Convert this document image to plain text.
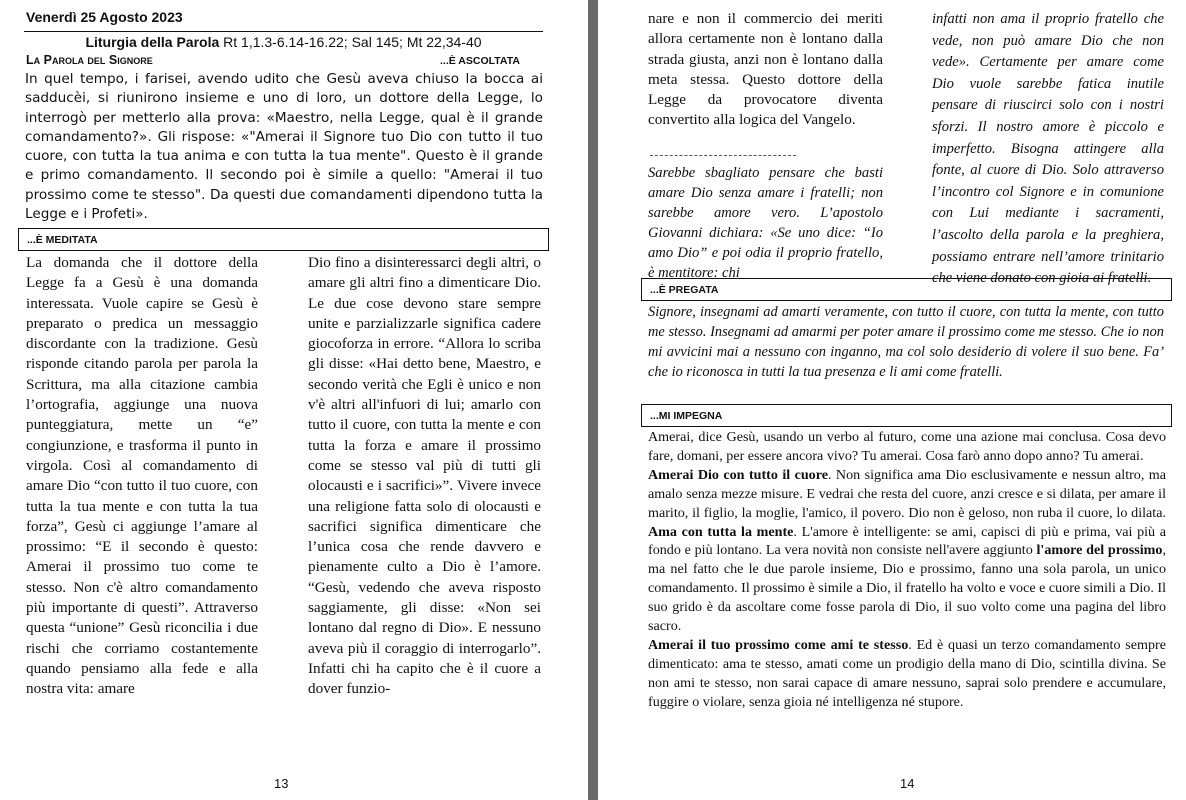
Venerdì 25 Agosto 2023
Liturgia della Parola Rt 1,1.3-6.14-16.22; Sal 145; Mt 22,34-40
La Parola del Signore	...È ASCOLTATA
In quel tempo, i farisei, avendo udito che Gesù aveva chiuso la bocca ai sadducèi, si riunirono insieme e uno di loro, un dottore della Legge, lo interrogò per metterlo alla prova: «Maestro, nella Legge, qual è il grande comandamento?». Gli rispose: «"Amerai il Signore tuo Dio con tutto il tuo cuore, con tutta la tua anima e con tutta la tua mente". Questo è il grande e primo comandamento. Il secondo poi è simile a quello: "Amerai il tuo prossimo come te stesso". Da questi due comandamenti dipendono tutta la Legge e i Profeti».
...È MEDITATA
La domanda che il dottore della Legge fa a Gesù è una domanda interessata. Vuole capire se Gesù è preparato o predica un messaggio discordante con la tradizione. Gesù risponde citando parola per parola la Scrittura, ma alla citazione cambia l’ortografia, aggiunge una nuova punteggiatura, mette un “e” congiunzione, e trasforma il punto in virgola. Così al comandamento di amare Dio “con tutto il tuo cuore, con tutta la tua mente e con tutta la tua forza”, Gesù ci aggiunge l’amare al prossimo: “E il secondo è questo: Amerai il prossimo tuo come te stesso. Non c'è altro comandamento più importante di questi”. Attraverso questa “unione” Gesù riconcilia i due rischi che corriamo costantemente quando pensiamo alla fede e alla nostra vita: amare
Dio fino a disinteressarci degli altri, o amare gli altri fino a dimenticare Dio. Le due cose devono stare sempre unite e parzializzarle significa cadere giocoforza in errore. “Allora lo scriba gli disse: «Hai detto bene, Maestro, e secondo verità che Egli è unico e non v'è altri all'infuori di lui; amarlo con tutto il cuore, con tutta la mente e con tutta la forza e amare il prossimo come se stesso val più di tutti gli olocausti e i sacrifici»”. Vivere invece una religione fatta solo di olocausti e sacrifici significa dimenticare che l’unica cosa che rende davvero e pienamente culto a Dio è l’amore. “Gesù, vedendo che aveva risposto saggiamente, gli disse: «Non sei lontano dal regno di Dio». E nessuno aveva più il coraggio di interrogarlo”. Infatti chi ha capito che è il cuore a dover funzio-
13
nare e non il commercio dei meriti allora certamente non è lontano dalla strada giusta, anzi non è lontano dalla meta stessa. Questo dottore della Legge da provocatore diventa convertito alla logica del Vangelo.
Sarebbe sbagliato pensare che basti amare Dio senza amare i fratelli; non sarebbe amore vero. L’apostolo Giovanni dichiara: «Se uno dice: “Io amo Dio” e poi odia il proprio fratello, è mentitore: chi
infatti non ama il proprio fratello che vede, non può amare Dio che non vede». Certamente per amare come Dio vuole sarebbe fatica inutile pensare di riuscirci solo con i nostri sforzi. Il nostro amore è piccolo e imperfetto. Bisogna attingere alla fonte, al cuore di Dio. Solo attraverso l’incontro col Signore e in comunione con Lui mediante i sacramenti, l’ascolto della parola e la preghiera, possiamo entrare nell’amore trinitario che viene donato con gioia ai fratelli.
...È PREGATA
Signore, insegnami ad amarti veramente, con tutto il cuore, con tutta la mente, con tutto me stesso. Insegnami ad amarmi per poter amare il prossimo come me stesso. Che io non mi avvicini mai a nessuno con inganno, ma col solo desiderio di volere il suo bene. Fa’ che io riconosca in tutti la tua presenza e li ami come fratelli.
...MI IMPEGNA
Amerai, dice Gesù, usando un verbo al futuro, come una azione mai conclusa. Cosa devo fare, domani, per essere ancora vivo? Tu amerai. Cosa farò anno dopo anno? Tu amerai.
Amerai Dio con tutto il cuore. Non significa ama Dio esclusivamente e nessun altro, ma amalo senza mezze misure. E vedrai che resta del cuore, anzi cresce e si dilata, per amare il marito, il figlio, la moglie, l'amico, il povero. Dio non è geloso, non ruba il cuore, lo dilata. Ama con tutta la mente. L'amore è intelligente: se ami, capisci di più e prima, vai più a fondo e più lontano. La vera novità non consiste nell'avere aggiunto l'amore del prossimo, ma nel fatto che le due parole insieme, Dio e prossimo, fanno una sola parola, un unico comandamento. Il prossimo è simile a Dio, il fratello ha volto e voce e cuore simili a Dio. Il suo grido è da ascoltare come fosse parola di Dio, il suo volto come una pagina del libro sacro.
Amerai il tuo prossimo come ami te stesso. Ed è quasi un terzo comandamento sempre dimenticato: ama te stesso, amati come un prodigio della mano di Dio, scintilla divina. Se non ami te stesso, non sarai capace di amare nessuno, saprai solo prendere e accumulare, fuggire o violare, senza gioia né intelligenza né stupore.
14
